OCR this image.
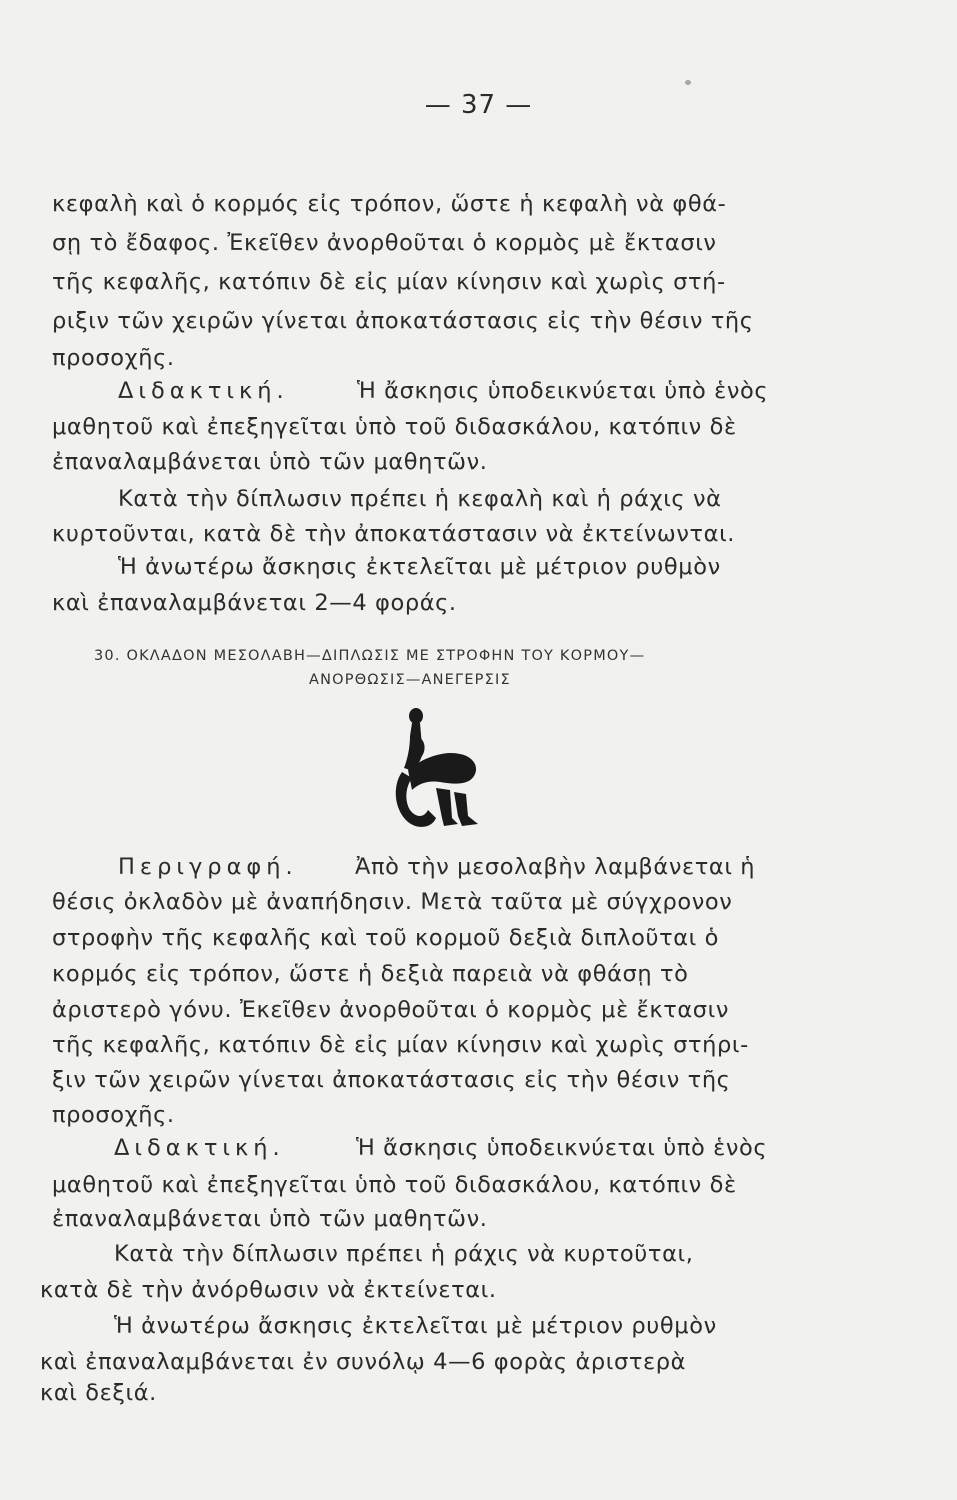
— 37 —
κεφαλὴ καὶ ὁ κορμός εἰς τρόπον, ὥστε ἡ κεφαλὴ νὰ φθά-
σῃ τὸ ἔδαφος. Ἐκεῖθεν ἀνορθοῦται ὁ κορμὸς μὲ ἔκτασιν
τῆς κεφαλῆς, κατόπιν δὲ εἰς μίαν κίνησιν καὶ χωρὶς στή-
ριξιν τῶν χειρῶν γίνεται ἀποκατάστασις εἰς τὴν θέσιν τῆς
προσοχῆς.
Διδακτική.	Ἡ ἄσκησις ὑποδεικνύεται ὑπὸ ἑνὸς
μαθητοῦ καὶ ἐπεξηγεῖται ὑπὸ τοῦ διδασκάλου, κατόπιν δὲ
ἐπαναλαμβάνεται ὑπὸ τῶν μαθητῶν.
Κατὰ τὴν δίπλωσιν πρέπει ἡ κεφαλὴ καὶ ἡ ράχις νὰ
κυρτοῦνται, κατὰ δὲ τὴν ἀποκατάστασιν νὰ ἐκτείνωνται.
Ἡ ἀνωτέρω ἄσκησις ἐκτελεῖται μὲ μέτριον ρυθμὸν
καὶ ἐπαναλαμβάνεται 2—4 φοράς.
30. ΟΚΛΑΔΟΝ ΜΕΣΟΛΑΒΗ—ΔΙΠΛΩΣΙΣ ΜΕ ΣΤΡΟΦΗΝ ΤΟΥ ΚΟΡΜΟΥ—
ΑΝΟΡΘΩΣΙΣ—ΑΝΕΓΕΡΣΙΣ
Περιγραφή.	Ἀπὸ τὴν μεσολαβὴν λαμβάνεται ἡ
θέσις ὀκλαδὸν μὲ ἀναπήδησιν. Μετὰ ταῦτα μὲ σύγχρονον
στροφὴν τῆς κεφαλῆς καὶ τοῦ κορμοῦ δεξιὰ διπλοῦται ὁ
κορμός εἰς τρόπον, ὥστε ἡ δεξιὰ παρειὰ νὰ φθάσῃ τὸ
ἀριστερὸ γόνυ. Ἐκεῖθεν ἀνορθοῦται ὁ κορμὸς μὲ ἔκτασιν
τῆς κεφαλῆς, κατόπιν δὲ εἰς μίαν κίνησιν καὶ χωρὶς στήρι-
ξιν τῶν χειρῶν γίνεται ἀποκατάστασις εἰς τὴν θέσιν τῆς
προσοχῆς.
Διδακτική.	Ἡ ἄσκησις ὑποδεικνύεται ὑπὸ ἑνὸς
μαθητοῦ καὶ ἐπεξηγεῖται ὑπὸ τοῦ διδασκάλου, κατόπιν δὲ
ἐπαναλαμβάνεται ὑπὸ τῶν μαθητῶν.
Κατὰ τὴν δίπλωσιν πρέπει ἡ ράχις νὰ κυρτοῦται,
κατὰ δὲ τὴν ἀνόρθωσιν νὰ ἐκτείνεται.
Ἡ ἀνωτέρω ἄσκησις ἐκτελεῖται μὲ μέτριον ρυθμὸν
καὶ ἐπαναλαμβάνεται ἐν συνόλῳ 4—6 φορὰς ἀριστερὰ
καὶ δεξιά.
